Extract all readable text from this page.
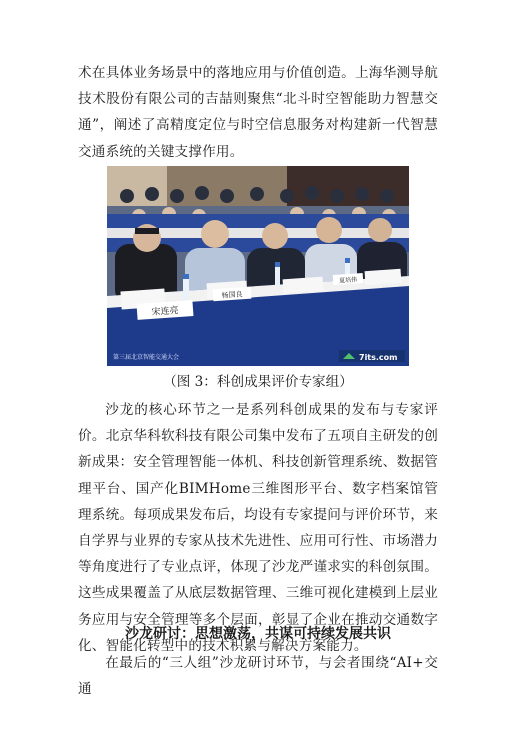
术在具体业务场景中的落地应用与价值创造。上海华测导航技术股份有限公司的吉喆则聚焦“北斗时空智能助力智慧交通”，阐述了高精度定位与时空信息服务对构建新一代智慧交通系统的关键支撑作用。

宋连亮
杨国良
夏培伟
第三届北京智能交通大会	7its.com

（图 3：科创成果评价专家组）

沙龙的核心环节之一是系列科创成果的发布与专家评价。北京华科软科技有限公司集中发布了五项自主研发的创新成果：安全管理智能一体机、科技创新管理系统、数据管理平台、国产化BIMHome三维图形平台、数字档案馆管理系统。每项成果发布后，均设有专家提问与评价环节，来自学界与业界的专家从技术先进性、应用可行性、市场潜力等角度进行了专业点评，体现了沙龙严谨求实的科创氛围。这些成果覆盖了从底层数据管理、三维可视化建模到上层业务应用与安全管理等多个层面，彰显了企业在推动交通数字化、智能化转型中的技术积累与解决方案能力。

沙龙研讨：思想激荡，共谋可持续发展共识

在最后的“三人组”沙龙研讨环节，与会者围绕“AI+交通
